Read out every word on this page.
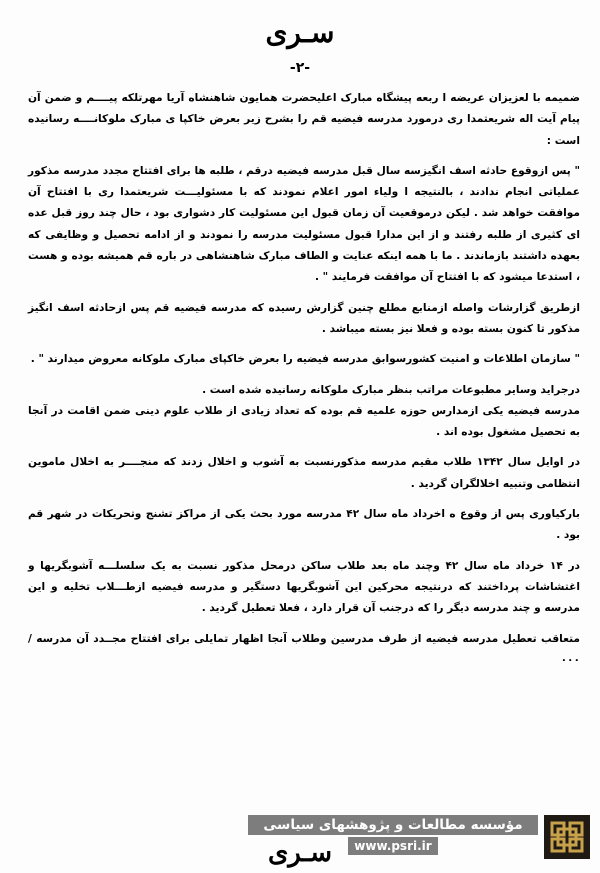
سـرى
-۲-

ضمیمه با لعزیزان عریضه ا ربعه پیشگاه مبارک اعلیحضرت همایون شاهنشاه آریا مهرتلکه پیــــم و ضمن آن پیام آیت اله شریعتمدا ری درمورد مدرسه فیضیه قم را بشرح زیر بعرض خاکپا ی مبارک ملوکانــــه رسانیده است :

" پس ازوقوع حادثه اسف انگیزسه سال قبل مدرسه فیضیه درقم ، طلبه ها برای افتتاح مجدد مدرسه مذکور عملیاتی انجام ندادند ، بالنتیجه ا ولیاء امور اعلام نمودند که با مسئولیـــت شریعتمدا ری با افتتاح آن موافقت خواهد شد . لیکن درموقعیت آن زمان قبول این مسئولیت کار دشواری بود ، حال چند روز قبل عده ای کثیری از طلبه رفتند و از این مدارا قبول مسئولیت مدرسه را نمودند و از ادامه تحصیل و وظایفی که بعهده داشتند بازماندند . ما با همه اینکه عنایت و الطاف مبارک شاهنشاهی در باره قم همیشه بوده و هست ، استدعا میشود که با افتتاح آن موافقت فرمایند " .

ازطریق گزارشات واصله ازمنابع مطلع چنین گزارش رسیده که مدرسه فیضیه قم پس ازحادثه اسف انگیز مذکور تا کنون بسته بوده و فعلا نیز بسته میباشد .

" سازمان اطلاعات و امنیت کشورسوابق مدرسه فیضیه را بعرض خاکپای مبارک ملوکانه معروض میدارند " .

درجراید وسایر مطبوعات مراتب بنظر مبارک ملوکانه رسانیده شده است .

مدرسه فیضیه یکی ازمدارس حوزه علمیه قم بوده که تعداد زیادی از طلاب علوم دینی ضمن اقامت در آنجا به تحصیل مشغول بوده اند .

در اوایل سال ۱۳۴۲ طلاب مقیم مدرسه مذکورنسبت به آشوب و اخلال زدند که منجــــر به اخلال ماموین انتظامی وتنبیه اخلالگران گردید .

بارکیاوری پس از وقوع ه اخرداد ماه سال ۴۲ مدرسه مورد بحث یکی از مراکز تشنج وتحریکات در شهر قم بود .

در ۱۴ خرداد ماه سال ۴۲ وچند ماه بعد طلاب ساکن درمحل مذکور نسبت به یک سلسلـــه آشوبگریها و اغتشاشات پرداختند که درنتیجه محرکین این آشوبگریها دستگیر و مدرسه فیضیه ازطـــلاب تخلیه و این مدرسه و چند مدرسه دیگر را که درجنب آن قرار دارد ، فعلا تعطیل گردید .

متعاقب تعطیل مدرسه فیضیه از طرف مدرسین وطلاب آنجا اظهار تمایلی برای افتتاح مجــدد آن مدرسه / ۰۰۰

مؤسسه مطالعات و پژوهشهای سیاسی
www.psri.ir
سـرى
